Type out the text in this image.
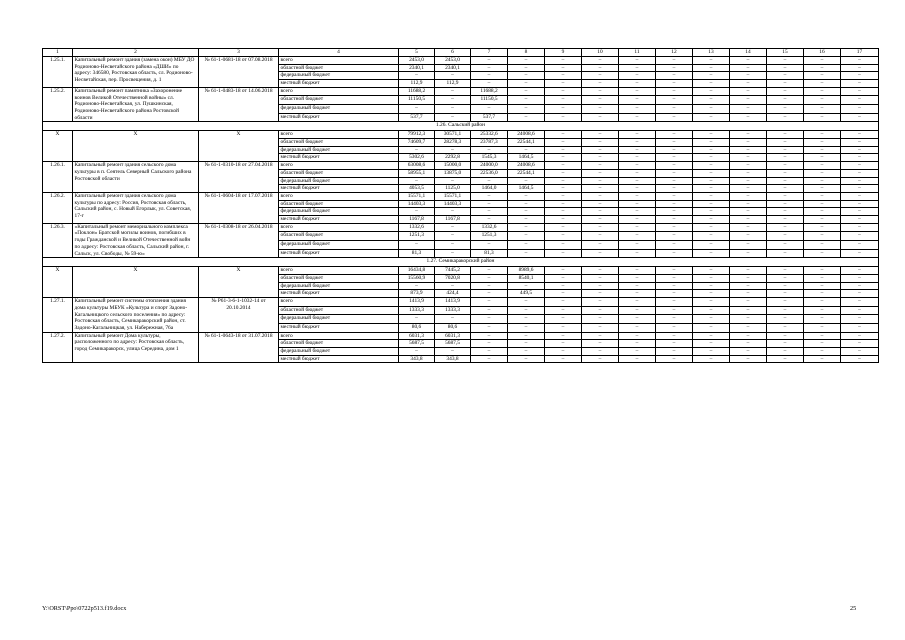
1	2	3	4	5	6	7	8	9	10	11	12	13	14	15	16	17
1.25.1.	Капитальный ремонт здания (замена окон) МБУ ДО Родионово-Несветайского района «ДШИ» по адресу: 346580, Ростовская область, сл. Родионово-Несветайская, пер. Просвещения, д. 1	№ 61-1-0681-18 от 07.08.2018	всего	2453,0	2453,0	–	–	–	–	–	–	–	–	–	–	–
			областной бюджет	2340,1	2340,1	–	–	–	–	–	–	–	–	–	–	–
			федеральный бюджет	–	–	–	–	–	–	–	–	–	–	–	–	–
			местный бюджет	112,9	112,9	–	–	–	–	–	–	–	–	–	–	–
1.25.2.	Капитальный ремонт памятника «Захоронение воинов Великой Отечественной войны» сл. Родионово-Несветайская, ул. Пушкинская, Родионово-Несветайского района Ростовской области	№ 61-1-0483-18 от 14.06.2018	всего	11688,2	–	11688,2	–	–	–	–	–	–	–	–	–	–
			областной бюджет	11150,5	–	11150,5	–	–	–	–	–	–	–	–	–	–
			федеральный бюджет	–	–	–	–	–	–	–	–	–	–	–	–	–
			местный бюджет	537,7	–	537,7	–	–	–	–	–	–	–	–	–	–
1.26. Сальский район																
X	X	X	всего	79912,3	30571,1	25332,6	24008,6	–	–	–	–	–	–	–	–	–
			областной бюджет	74609,7	28278,3	23787,3	22544,1	–	–	–	–	–	–	–	–	–
			федеральный бюджет	–	–	–	–	–	–	–	–	–	–	–	–	–
			местный бюджет	5302,6	2292,8	1545,3	1464,5	–	–	–	–	–	–	–	–	–
1.26.1.	Капитальный ремонт здания сельского дома культуры в п. Сеятель Северный Сальского района Ростовской области	№ 61-1-0310-18 от 27.04.2018	всего	63008,6	15000,0	24000,0	24008,6	–	–	–	–	–	–	–	–	–
			областной бюджет	58955,1	13875,0	22536,0	22544,1	–	–	–	–	–	–	–	–	–
			федеральный бюджет	–	–	–	–	–	–	–	–	–	–	–	–	–
			местный бюджет	4053,5	1125,0	1464,0	1464,5	–	–	–	–	–	–	–	–	–
1.26.2.	Капитальный ремонт здания сельского дома культуры по адресу: Россия, Ростовская область, Сальский район, с. Новый Егорлык, ул. Советская, 17-г	№ 61-1-0604-18 от 17.07.2018	всего	15571,1	15571,1	–	–	–	–	–	–	–	–	–	–	–
			областной бюджет	14403,3	14403,3	–	–	–	–	–	–	–	–	–	–	–
			федеральный бюджет	–	–	–	–	–	–	–	–	–	–	–	–	–
			местный бюджет	1167,8	1167,8	–	–	–	–	–	–	–	–	–	–	–
1.26.3.	«Капитальный ремонт мемориального комплекса «Поклон» Братской могилы воинов, погибших в годы Гражданской и Великой Отечественной войн по адресу: Ростовская область, Сальский район, г. Сальск, ул. Свободы, № 59-ю»	№ 61-1-0308-18 от 26.04.2018	всего	1332,6	–	1332,6	–	–	–	–	–	–	–	–	–	–
			областной бюджет	1251,3	–	1251,3	–	–	–	–	–	–	–	–	–	–
			федеральный бюджет	–	–	–	–	–	–	–	–	–	–	–	–	–
			местный бюджет	81,3	–	81,3	–	–	–	–	–	–	–	–	–	–
1.27. Семикаракорский район																
X	X	X	всего	16434,8	7445,2	–	8989,6	–	–	–	–	–	–	–	–	–
			областной бюджет	15560,9	7020,8	–	8540,1	–	–	–	–	–	–	–	–	–
			федеральный бюджет	–	–	–	–	–	–	–	–	–	–	–	–	–
			местный бюджет	873,9	424,4	–	449,5	–	–	–	–	–	–	–	–	–
1.27.1.	Капитальный ремонт системы отопления здания дома культуры МБУК «Культура и спорт Задоно-Кагальницкого сельского поселения» по адресу: Ростовская область, Семикаракорский район, ст. Задоно-Кагальницкая, ул. Набережная, 76а	№ Р61-3-6-1-1032-14 от 20.10.2014	всего	1413,9	1413,9	–	–	–	–	–	–	–	–	–	–	–
			областной бюджет	1333,3	1333,3	–	–	–	–	–	–	–	–	–	–	–
			федеральный бюджет	–	–	–	–	–	–	–	–	–	–	–	–	–
			местный бюджет	80,6	80,6	–	–	–	–	–	–	–	–	–	–	–
1.27.2.	Капитальный ремонт Дома культуры, расположенного по адресу: Ростовская область, город Семикаракорск, улица Середина, дом 1	№ 61-1-0643-18 от 31.07.2018	всего	6031,3	6031,3	–	–	–	–	–	–	–	–	–	–	–
			областной бюджет	5687,5	5687,5	–	–	–	–	–	–	–	–	–	–	–
			федеральный бюджет	–	–	–	–	–	–	–	–	–	–	–	–	–
			местный бюджет	343,8	343,8	–	–	–	–	–	–	–	–	–	–	–
Y:\ORST\Ppo\0722p513.f19.docx	25
